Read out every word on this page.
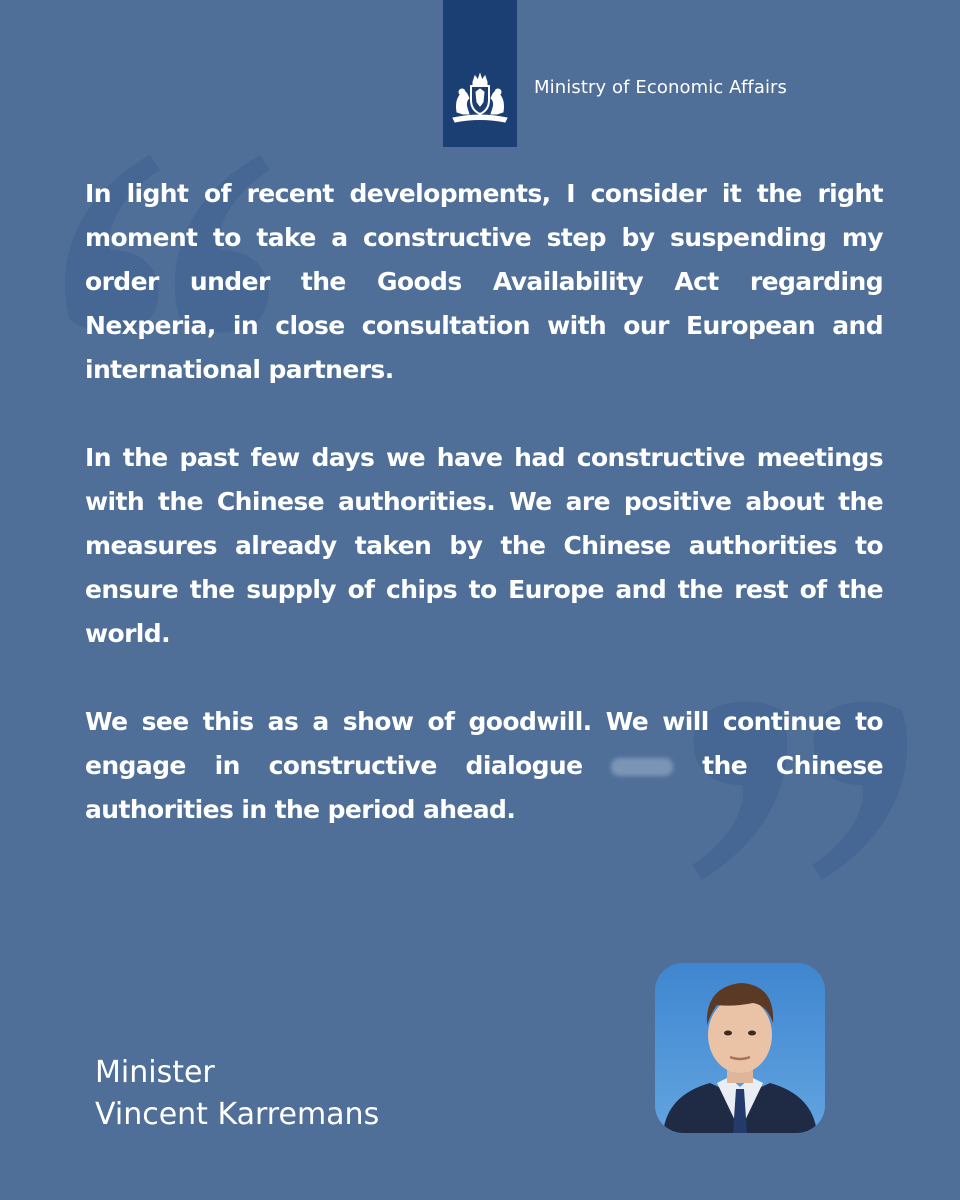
Ministry of Economic Affairs

In light of recent developments, I consider it the right moment to take a constructive step by suspending my order under the Goods Availability Act regarding Nexperia, in close consultation with our European and international partners.

In the past few days we have had constructive meetings with the Chinese authorities. We are positive about the measures already taken by the Chinese authorities to ensure the supply of chips to Europe and the rest of the world.

We see this as a show of goodwill. We will continue to engage in constructive dialogue	the Chinese authorities in the period ahead.

Minister
Vincent Karremans
